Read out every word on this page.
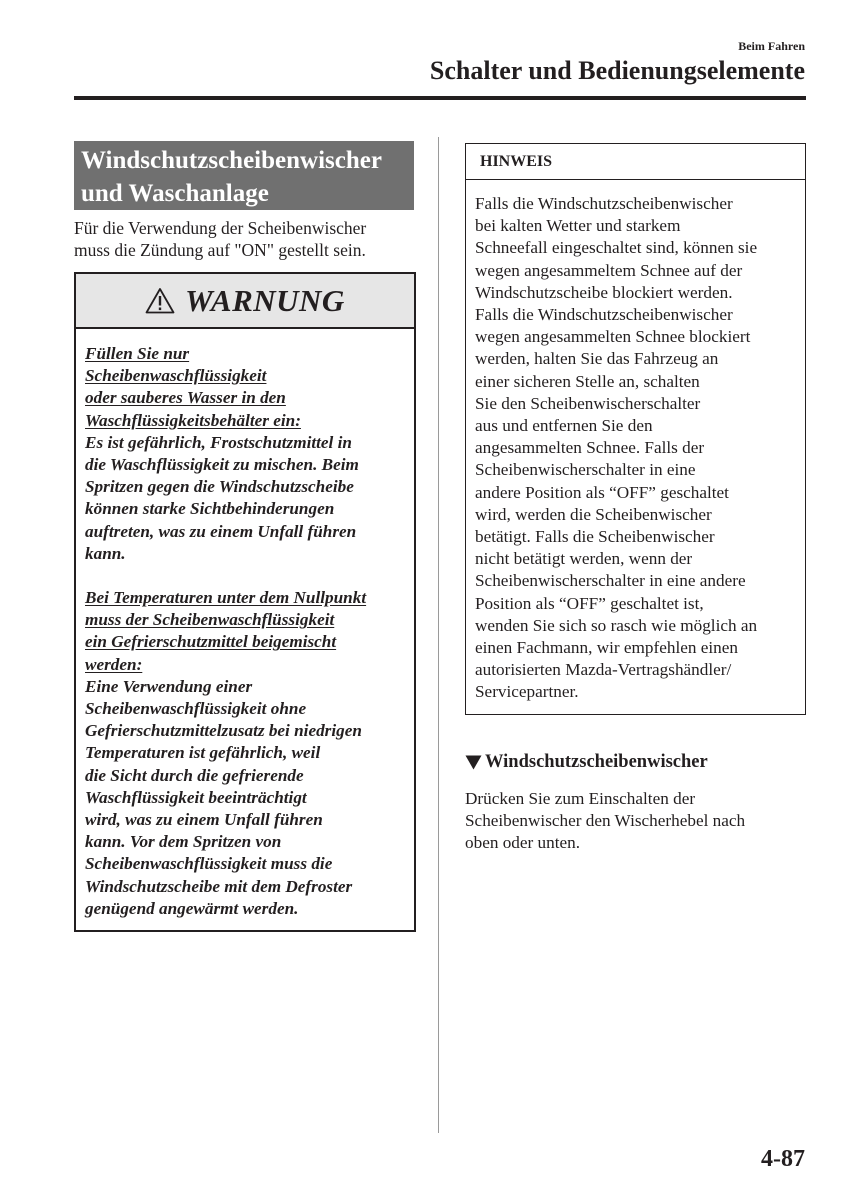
Beim Fahren
Schalter und Bedienungselemente
Windschutzscheibenwischer
und Waschanlage
Für die Verwendung der Scheibenwischer
muss die Zündung auf "ON" gestellt sein.
WARNUNG
Füllen Sie nur
Scheibenwaschflüssigkeit
oder sauberes Wasser in den
Waschflüssigkeitsbehälter ein:
Es ist gefährlich, Frostschutzmittel in
die Waschflüssigkeit zu mischen. Beim
Spritzen gegen die Windschutzscheibe
können starke Sichtbehinderungen
auftreten, was zu einem Unfall führen
kann.
Bei Temperaturen unter dem Nullpunkt
muss der Scheibenwaschflüssigkeit
ein Gefrierschutzmittel beigemischt
werden:
Eine Verwendung einer
Scheibenwaschflüssigkeit ohne
Gefrierschutzmittelzusatz bei niedrigen
Temperaturen ist gefährlich, weil
die Sicht durch die gefrierende
Waschflüssigkeit beeinträchtigt
wird, was zu einem Unfall führen
kann. Vor dem Spritzen von
Scheibenwaschflüssigkeit muss die
Windschutzscheibe mit dem Defroster
genügend angewärmt werden.
HINWEIS
Falls die Windschutzscheibenwischer
bei kalten Wetter und starkem
Schneefall eingeschaltet sind, können sie
wegen angesammeltem Schnee auf der
Windschutzscheibe blockiert werden.
Falls die Windschutzscheibenwischer
wegen angesammelten Schnee blockiert
werden, halten Sie das Fahrzeug an
einer sicheren Stelle an, schalten
Sie den Scheibenwischerschalter
aus und entfernen Sie den
angesammelten Schnee. Falls der
Scheibenwischerschalter in eine
andere Position als “OFF” geschaltet
wird, werden die Scheibenwischer
betätigt. Falls die Scheibenwischer
nicht betätigt werden, wenn der
Scheibenwischerschalter in eine andere
Position als “OFF” geschaltet ist,
wenden Sie sich so rasch wie möglich an
einen Fachmann, wir empfehlen einen
autorisierten Mazda-Vertragshändler/
Servicepartner.
Windschutzscheibenwischer
Drücken Sie zum Einschalten der
Scheibenwischer den Wischerhebel nach
oben oder unten.
4-87
